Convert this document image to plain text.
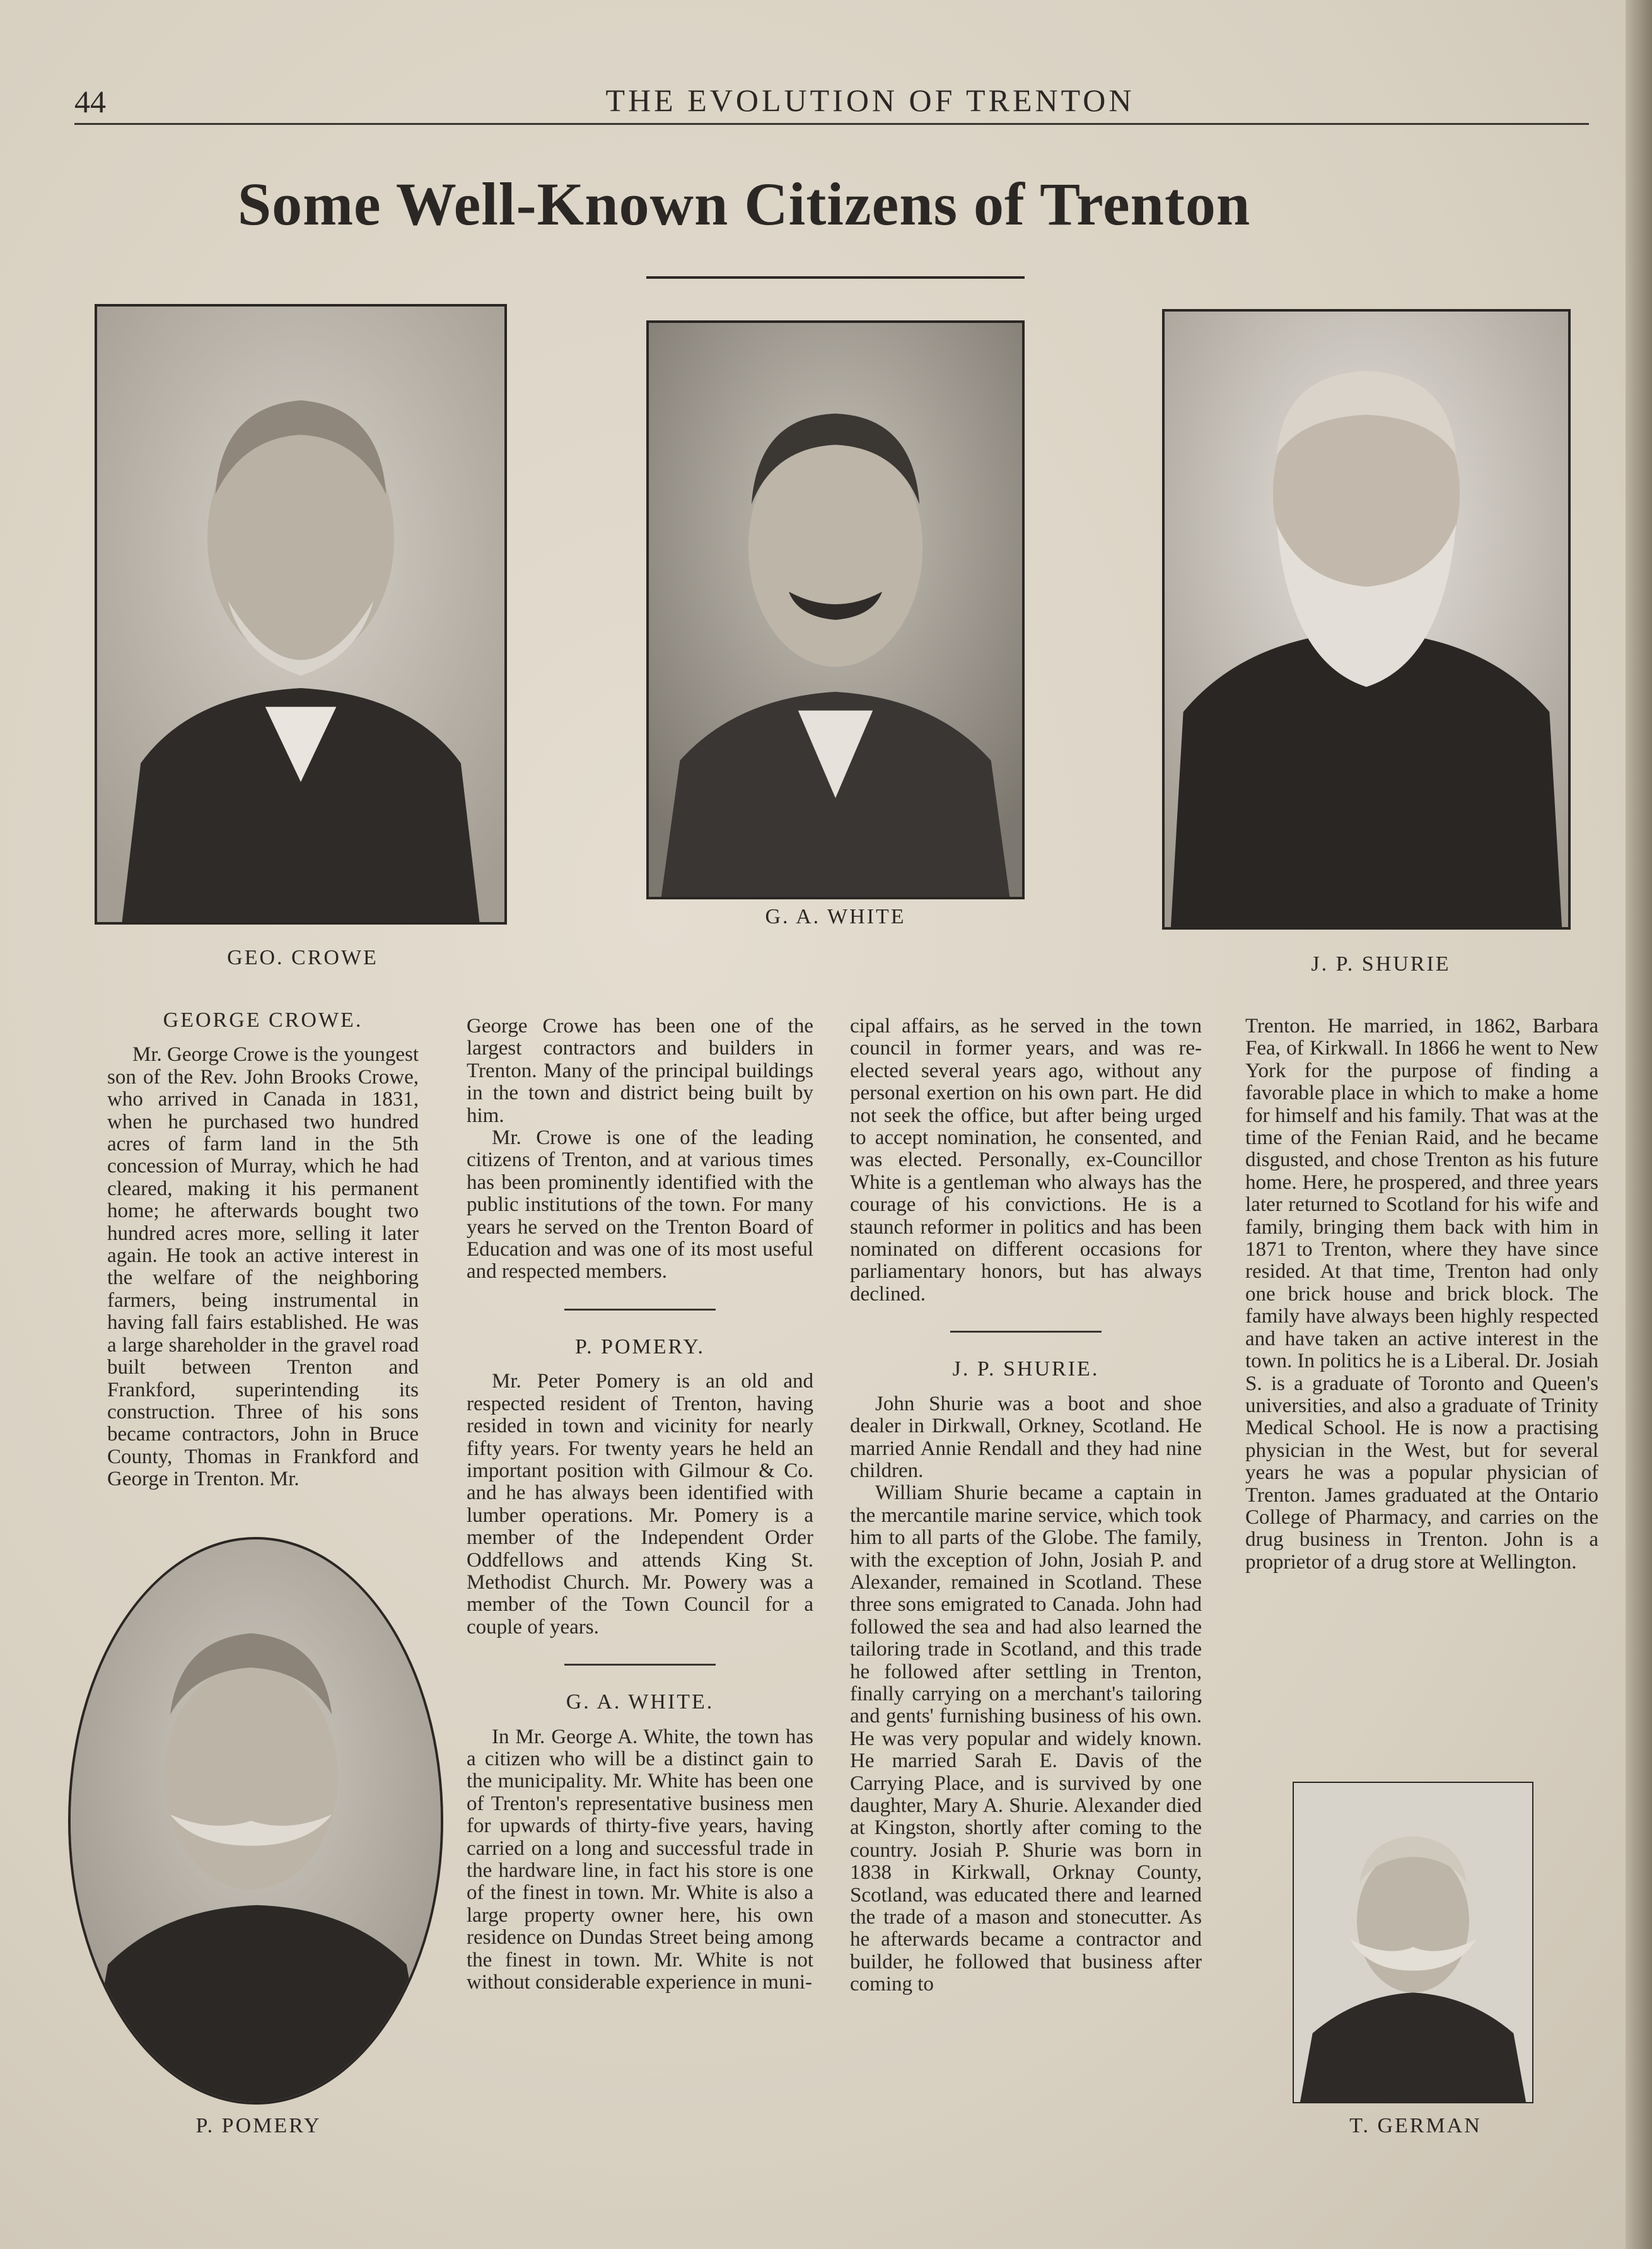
44	THE EVOLUTION OF TRENTON
Some Well-Known Citizens of Trenton
GEO. CROWE
G. A. WHITE
J. P. SHURIE
GEORGE CROWE.

Mr. George Crowe is the youngest son of the Rev. John Brooks Crowe, who arrived in Canada in 1831, when he purchased two hundred acres of farm land in the 5th concession of Murray, which he had cleared, making it his permanent home; he afterwards bought two hundred acres more, selling it later again. He took an active interest in the welfare of the neighboring farmers, being instrumental in having fall fairs established. He was a large shareholder in the gravel road built between Trenton and Frankford, superintending its construction. Three of his sons became contractors, John in Bruce County, Thomas in Frankford and George in Trenton. Mr.

P. POMERY

George Crowe has been one of the largest contractors and builders in Trenton. Many of the principal buildings in the town and district being built by him.

Mr. Crowe is one of the leading citizens of Trenton, and at various times has been prominently identified with the public institutions of the town. For many years he served on the Trenton Board of Education and was one of its most useful and respected members.

P. POMERY.

Mr. Peter Pomery is an old and respected resident of Trenton, having resided in town and vicinity for nearly fifty years. For twenty years he held an important position with Gilmour & Co. and he has always been identified with lumber operations. Mr. Pomery is a member of the Independent Order Oddfellows and attends King St. Methodist Church. Mr. Powery was a member of the Town Council for a couple of years.

G. A. WHITE.

In Mr. George A. White, the town has a citizen who will be a distinct gain to the municipality. Mr. White has been one of Trenton's representative business men for upwards of thirty-five years, having carried on a long and successful trade in the hardware line, in fact his store is one of the finest in town. Mr. White is also a large property owner here, his own residence on Dundas Street being among the finest in town. Mr. White is not without considerable experience in muni-

cipal affairs, as he served in the town council in former years, and was re-elected several years ago, without any personal exertion on his own part. He did not seek the office, but after being urged to accept nomination, he consented, and was elected. Personally, ex-Councillor White is a gentleman who always has the courage of his convictions. He is a staunch reformer in politics and has been nominated on different occasions for parliamentary honors, but has always declined.

J. P. SHURIE.

John Shurie was a boot and shoe dealer in Dirkwall, Orkney, Scotland. He married Annie Rendall and they had nine children.

William Shurie became a captain in the mercantile marine service, which took him to all parts of the Globe. The family, with the exception of John, Josiah P. and Alexander, remained in Scotland. These three sons emigrated to Canada. John had followed the sea and had also learned the tailoring trade in Scotland, and this trade he followed after settling in Trenton, finally carrying on a merchant's tailoring and gents' furnishing business of his own. He was very popular and widely known. He married Sarah E. Davis of the Carrying Place, and is survived by one daughter, Mary A. Shurie. Alexander died at Kingston, shortly after coming to the country. Josiah P. Shurie was born in 1838 in Kirkwall, Orknay County, Scotland, was educated there and learned the trade of a mason and stonecutter. As he afterwards became a contractor and builder, he followed that business after coming to

Trenton. He married, in 1862, Barbara Fea, of Kirkwall. In 1866 he went to New York for the purpose of finding a favorable place in which to make a home for himself and his family. That was at the time of the Fenian Raid, and he became disgusted, and chose Trenton as his future home. Here, he prospered, and three years later returned to Scotland for his wife and family, bringing them back with him in 1871 to Trenton, where they have since resided. At that time, Trenton had only one brick house and brick block. The family have always been highly respected and have taken an active interest in the town. In politics he is a Liberal. Dr. Josiah S. is a graduate of Toronto and Queen's universities, and also a graduate of Trinity Medical School. He is now a practising physician in the West, but for several years he was a popular physician of Trenton. James graduated at the Ontario College of Pharmacy, and carries on the drug business in Trenton. John is a proprietor of a drug store at Wellington.

T. GERMAN
